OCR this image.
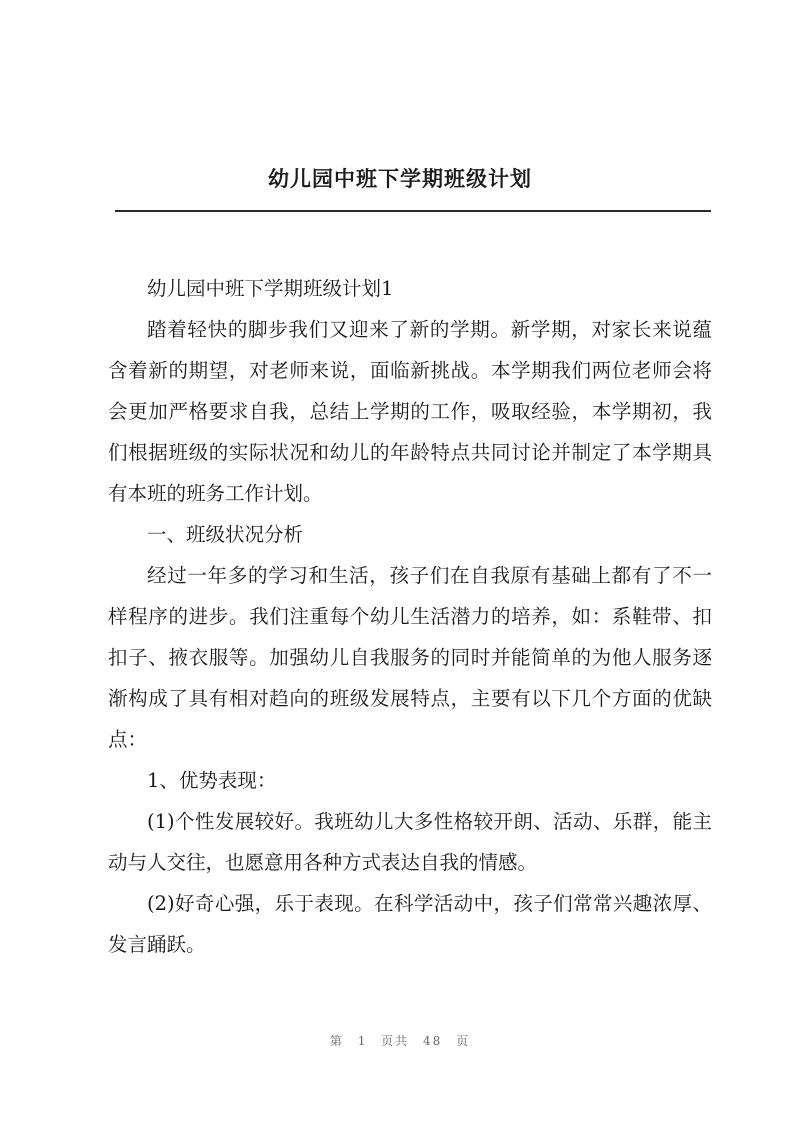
幼儿园中班下学期班级计划

幼儿园中班下学期班级计划1

踏着轻快的脚步我们又迎来了新的学期。新学期，对家长来说蕴含着新的期望，对老师来说，面临新挑战。本学期我们两位老师会将会更加严格要求自我，总结上学期的工作，吸取经验，本学期初，我们根据班级的实际状况和幼儿的年龄特点共同讨论并制定了本学期具有本班的班务工作计划。

一、班级状况分析

经过一年多的学习和生活，孩子们在自我原有基础上都有了不一样程序的进步。我们注重每个幼儿生活潜力的培养，如：系鞋带、扣扣子、掖衣服等。加强幼儿自我服务的同时并能简单的为他人服务逐渐构成了具有相对趋向的班级发展特点，主要有以下几个方面的优缺点：

1、优势表现：

(1)个性发展较好。我班幼儿大多性格较开朗、活动、乐群，能主动与人交往，也愿意用各种方式表达自我的情感。

(2)好奇心强，乐于表现。在科学活动中，孩子们常常兴趣浓厚、发言踊跃。

第 1 页共 48 页
